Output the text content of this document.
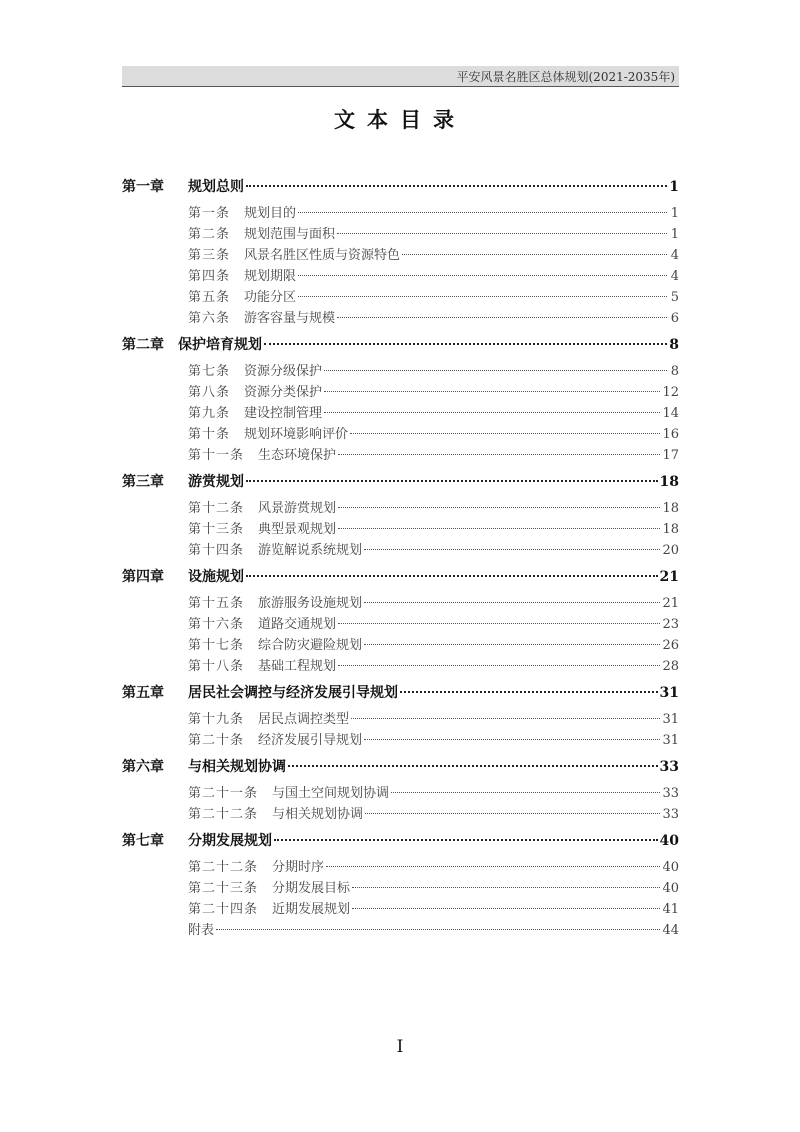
平安风景名胜区总体规划(2021-2035年)
文本目录
第一章	规划总则	1
第一条 规划目的	1
第二条 规划范围与面积	1
第三条 风景名胜区性质与资源特色	4
第四条 规划期限	4
第五条 功能分区	5
第六条 游客容量与规模	6
第二章	保护培育规划	8
第七条 资源分级保护	8
第八条 资源分类保护	12
第九条 建设控制管理	14
第十条 规划环境影响评价	16
第十一条 生态环境保护	17
第三章	游赏规划	18
第十二条 风景游赏规划	18
第十三条 典型景观规划	18
第十四条 游览解说系统规划	20
第四章	设施规划	21
第十五条 旅游服务设施规划	21
第十六条 道路交通规划	23
第十七条 综合防灾避险规划	26
第十八条 基础工程规划	28
第五章	居民社会调控与经济发展引导规划	31
第十九条 居民点调控类型	31
第二十条 经济发展引导规划	31
第六章	与相关规划协调	33
第二十一条 与国土空间规划协调	33
第二十二条 与相关规划协调	33
第七章	分期发展规划	40
第二十二条 分期时序	40
第二十三条 分期发展目标	40
第二十四条 近期发展规划	41
附表	44
I
